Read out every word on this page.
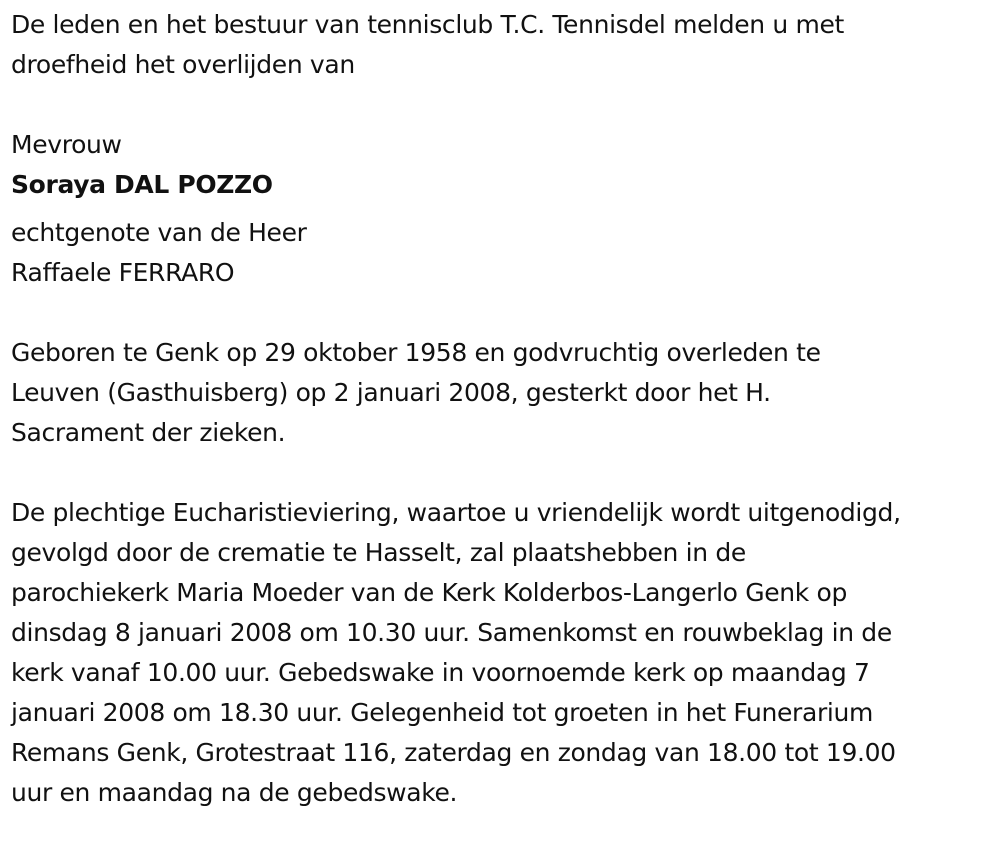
De leden en het bestuur van tennisclub T.C. Tennisdel melden u met
droefheid het overlijden van
Mevrouw
Soraya DAL POZZO
echtgenote van de Heer
Raffaele FERRARO
Geboren te Genk op 29 oktober 1958 en godvruchtig overleden te
Leuven (Gasthuisberg) op 2 januari 2008, gesterkt door het H.
Sacrament der zieken.
De plechtige Eucharistieviering, waartoe u vriendelijk wordt uitgenodigd,
gevolgd door de crematie te Hasselt, zal plaatshebben in de
parochiekerk Maria Moeder van de Kerk Kolderbos-Langerlo Genk op
dinsdag 8 januari 2008 om 10.30 uur. Samenkomst en rouwbeklag in de
kerk vanaf 10.00 uur. Gebedswake in voornoemde kerk op maandag 7
januari 2008 om 18.30 uur. Gelegenheid tot groeten in het Funerarium
Remans Genk, Grotestraat 116, zaterdag en zondag van 18.00 tot 19.00
uur en maandag na de gebedswake.
